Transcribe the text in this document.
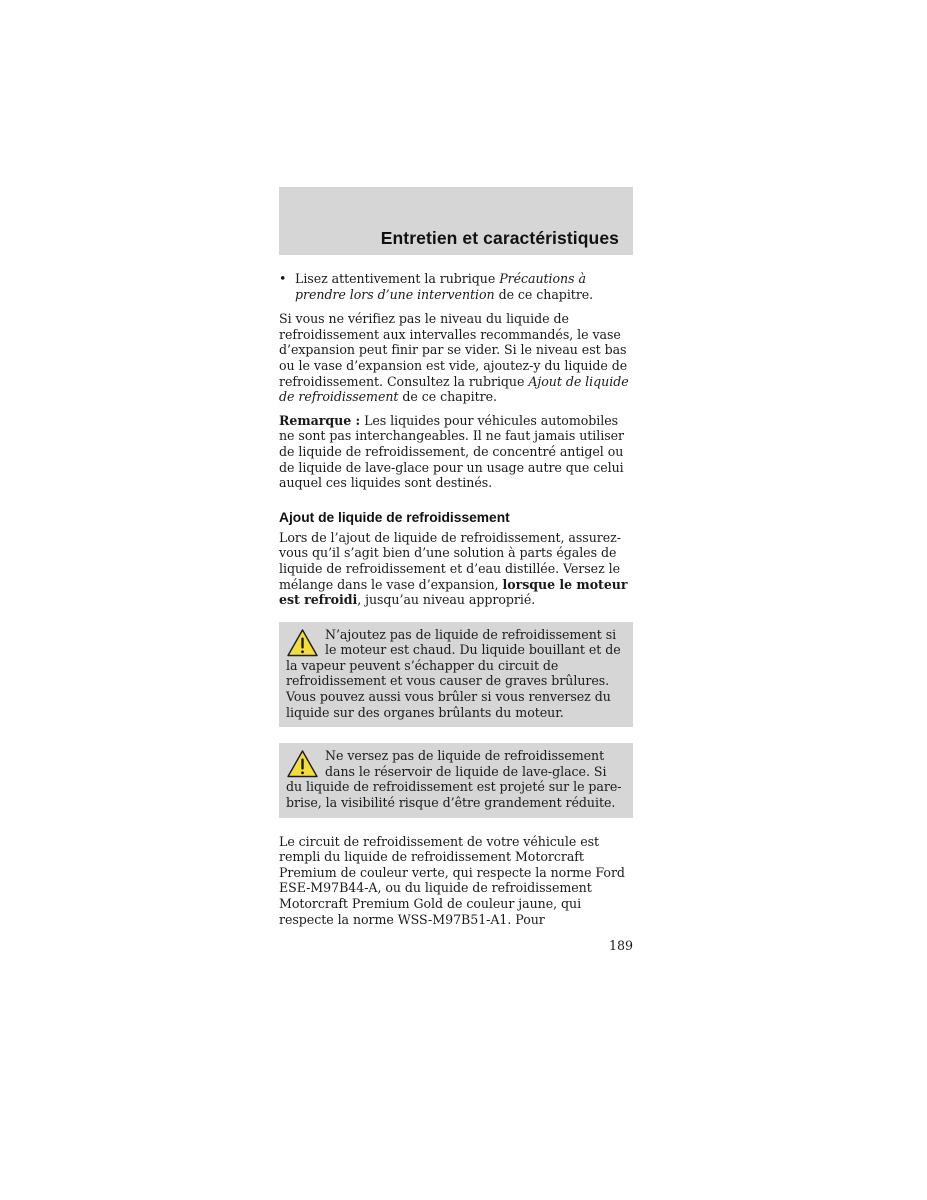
Entretien et caractéristiques
• Lisez attentivement la rubrique Précautions à prendre lors d’une intervention de ce chapitre.

Si vous ne vérifiez pas le niveau du liquide de refroidissement aux intervalles recommandés, le vase d’expansion peut finir par se vider. Si le niveau est bas ou le vase d’expansion est vide, ajoutez-y du liquide de refroidissement. Consultez la rubrique Ajout de liquide de refroidissement de ce chapitre.

Remarque : Les liquides pour véhicules automobiles ne sont pas interchangeables. Il ne faut jamais utiliser de liquide de refroidissement, de concentré antigel ou de liquide de lave-glace pour un usage autre que celui auquel ces liquides sont destinés.

Ajout de liquide de refroidissement

Lors de l’ajout de liquide de refroidissement, assurez-vous qu’il s’agit bien d’une solution à parts égales de liquide de refroidissement et d’eau distillée. Versez le mélange dans le vase d’expansion, lorsque le moteur est refroidi, jusqu’au niveau approprié.

N’ajoutez pas de liquide de refroidissement si le moteur est chaud. Du liquide bouillant et de la vapeur peuvent s’échapper du circuit de refroidissement et vous causer de graves brûlures. Vous pouvez aussi vous brûler si vous renversez du liquide sur des organes brûlants du moteur.
Ne versez pas de liquide de refroidissement dans le réservoir de liquide de lave-glace. Si du liquide de refroidissement est projeté sur le pare-brise, la visibilité risque d’être grandement réduite.

Le circuit de refroidissement de votre véhicule est rempli du liquide de refroidissement Motorcraft Premium de couleur verte, qui respecte la norme Ford ESE-M97B44-A, ou du liquide de refroidissement Motorcraft Premium Gold de couleur jaune, qui respecte la norme WSS-M97B51-A1. Pour

189
